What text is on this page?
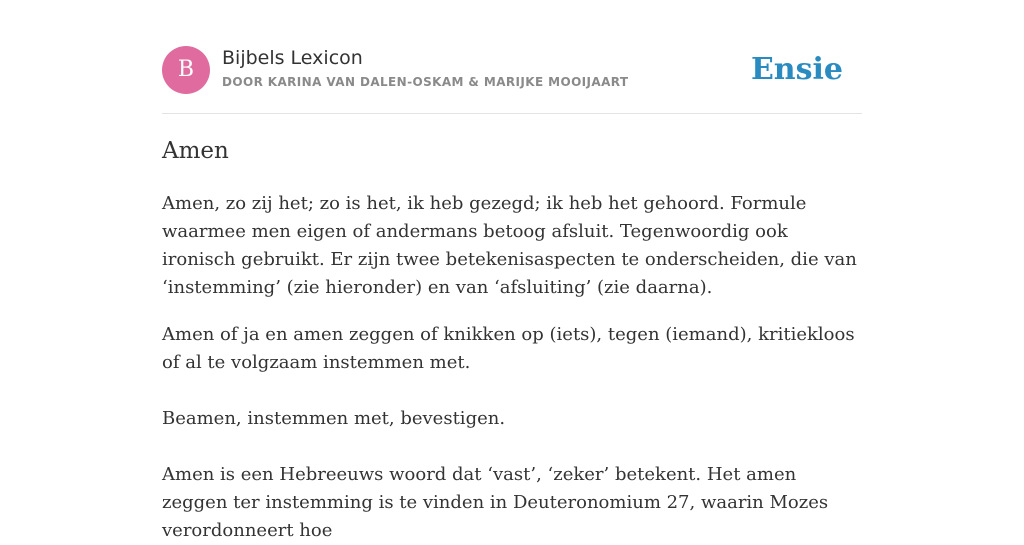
B	Bijbels Lexicon
DOOR KARINA VAN DALEN-OSKAM & MARIJKE MOOIJAART	Ensie
Amen

Amen, zo zij het; zo is het, ik heb gezegd; ik heb het gehoord. Formule waarmee men eigen of andermans betoog afsluit. Tegenwoordig ook ironisch gebruikt. Er zijn twee betekenisaspecten te onderscheiden, die van ‘instemming’ (zie hieronder) en van ‘afsluiting’ (zie daarna).

Amen of ja en amen zeggen of knikken op (iets), tegen (iemand), kritiekloos of al te volgzaam instemmen met.

Beamen, instemmen met, bevestigen.

Amen is een Hebreeuws woord dat ‘vast’, ‘zeker’ betekent. Het amen zeggen ter instemming is te vinden in Deuteronomium 27, waarin Mozes verordonneert hoe
